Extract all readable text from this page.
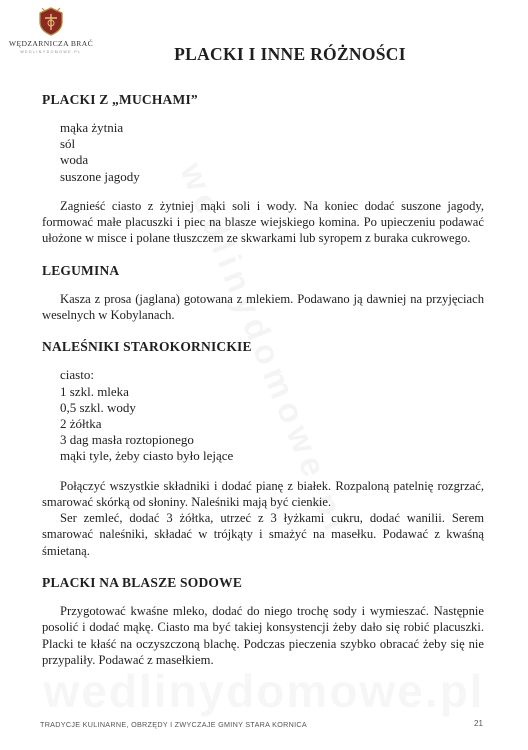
WĘDZARNICZA BRAĆ
WEDLINYDOMOWE.PL	PLACKI I INNE RÓŻNOŚCI
PLACKI Z „MUCHAMI”
mąka żytnia
sól
woda
suszone jagody

Zagnieść ciasto z żytniej mąki soli i wody. Na koniec dodać suszone jagody, formować małe placuszki i piec na blasze wiejskiego komina. Po upieczeniu podawać ułożone w misce i polane tłuszczem ze skwarkami lub syropem z buraka cukrowego.

LEGUMINA

Kasza z prosa (jaglana) gotowana z mlekiem. Podawano ją dawniej na przyjęciach weselnych w Kobylanach.

NALEŚNIKI STAROKORNICKIE
ciasto:
1 szkl. mleka
0,5 szkl. wody
2 żółtka
3 dag masła roztopionego
mąki tyle, żeby ciasto było lejące

Połączyć wszystkie składniki i dodać pianę z białek. Rozpaloną patelnię rozgrzać, smarować skórką od słoniny. Naleśniki mają być cienkie.

Ser zemleć, dodać 3 żółtka, utrzeć z 3 łyżkami cukru, dodać wanilii. Serem smarować naleśniki, składać w trójkąty i smażyć na masełku. Podawać z kwaśną śmietaną.

PLACKI NA BLASZE SODOWE

Przygotować kwaśne mleko, dodać do niego trochę sody i wymieszać. Następnie posolić i dodać mąkę. Ciasto ma być takiej konsystencji żeby dało się robić placuszki. Placki te kłaść na oczyszczoną blachę. Podczas pieczenia szybko obracać żeby się nie przypaliły. Podawać z masełkiem.

TRADYCJE KULINARNE, OBRZĘDY I ZWYCZAJE GMINY STARA KORNICA	21
